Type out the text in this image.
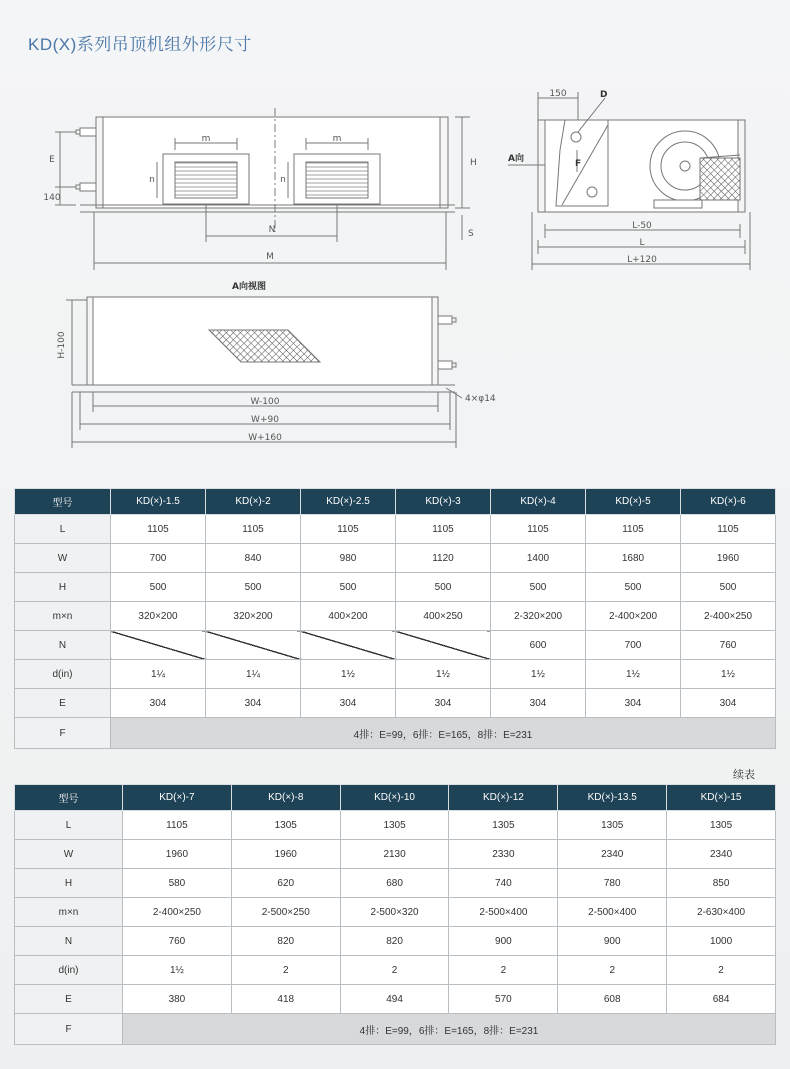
KD(X)系列吊顶机组外形尺寸
m	m
n	n
E
140
H
S
N
M
150	D
F
A向
L-50
L
L+120
A向视图
H-100
4×φ14
W-100
W+90
W+160
型号	KD(×)-1.5	KD(×)-2	KD(×)-2.5	KD(×)-3	KD(×)-4	KD(×)-5	KD(×)-6
L	1105	1105	1105	1105	1105	1105	1105
W	700	840	980	1120	1400	1680	1960
H	500	500	500	500	500	500	500
m×n	320×200	320×200	400×200	400×250	2-320×200	2-400×200	2-400×250
N					600	700	760
d(in)	1¼	1¼	1½	1½	1½	1½	1½
E	304	304	304	304	304	304	304
F	4排：E=99，6排：E=165，8排：E=231						
续表
型号	KD(×)-7	KD(×)-8	KD(×)-10	KD(×)-12	KD(×)-13.5	KD(×)-15
L	1105	1305	1305	1305	1305	1305
W	1960	1960	2130	2330	2340	2340
H	580	620	680	740	780	850
m×n	2-400×250	2-500×250	2-500×320	2-500×400	2-500×400	2-630×400
N	760	820	820	900	900	1000
d(in)	1½	2	2	2	2	2
E	380	418	494	570	608	684
F	4排：E=99，6排：E=165，8排：E=231					
